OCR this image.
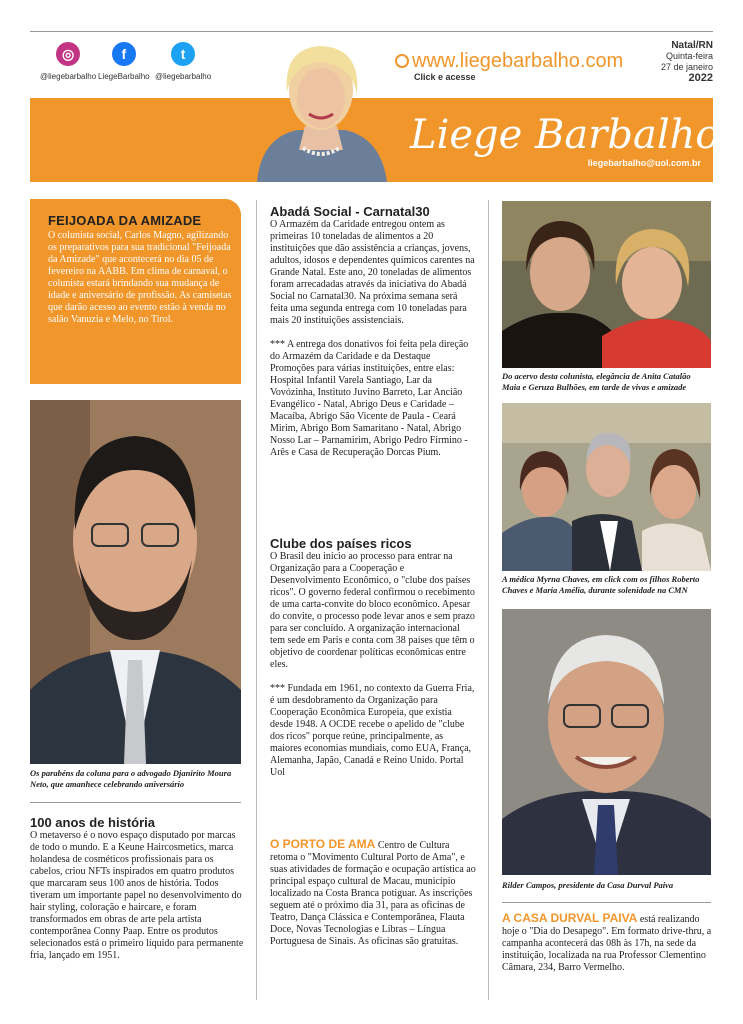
◎
@liegebarbalho
f
LiegeBarbalho
t
@liegebarbalho
www.liegebarbalho.com
Click e acesse
Natal/RN
Quinta-feira
27 de janeiro
2022
Liege Barbalho
liegebarbalho@uol.com.br
FEIJOADA DA AMIZADE
O colunista social, Carlos Magno, agilizando os preparativos para sua tradicional "Feijoada da Amizade" que acontecerá no dia 05 de fevereiro na AABB. Em clima de carnaval, o colunista estará brindando sua mudança de idade e aniversário de profissão. As camisetas que darão acesso ao evento estão à venda no salão Vanuzia e Melo, no Tirol.
Os parabéns da coluna para o advogado Djanirito Moura Neto, que amanhece celebrando aniversário
100 anos de história

O metaverso é o novo espaço disputado por marcas de todo o mundo. E a Keune Haircosmetics, marca holandesa de cosméticos profissionais para os cabelos, criou NFTs inspirados em quatro produtos que marcaram seus 100 anos de história. Todos tiveram um importante papel no desenvolvimento do hair styling, coloração e haircare, e foram transformados em obras de arte pela artista contemporânea Conny Paap. Entre os produtos selecionados está o primeiro líquido para permanente fria, lançado em 1951.

Abadá Social - Carnatal30

O Armazém da Caridade entregou ontem as primeiras 10 toneladas de alimentos a 20 instituições que dão assistência a crianças, jovens, adultos, idosos e dependentes químicos carentes na Grande Natal. Este ano, 20 toneladas de alimentos foram arrecadadas através da iniciativa do Abadá Social no Carnatal30. Na próxima semana será feita uma segunda entrega com 10 toneladas para mais 20 instituições assistenciais.

*** A entrega dos donativos foi feita pela direção do Armazém da Caridade e da Destaque Promoções para várias instituições, entre elas: Hospital Infantil Varela Santiago, Lar da Vovózinha, Instituto Juvino Barreto, Lar Ancião Evangélico - Natal, Abrigo Deus e Caridade – Macaíba, Abrigo São Vicente de Paula - Ceará Mirim, Abrigo Bom Samaritano - Natal, Abrigo Nosso Lar – Parnamirim, Abrigo Pedro Firmino - Arês e Casa de Recuperação Dorcas Pium.

Clube dos países ricos

O Brasil deu início ao processo para entrar na Organização para a Cooperação e Desenvolvimento Econômico, o "clube dos países ricos". O governo federal confirmou o recebimento de uma carta-convite do bloco econômico. Apesar do convite, o processo pode levar anos e sem prazo para ser concluído. A organização internacional tem sede em Paris e conta com 38 países que têm o objetivo de coordenar políticas econômicas entre eles.

*** Fundada em 1961, no contexto da Guerra Fria, é um desdobramento da Organização para Cooperação Econômica Europeia, que existia desde 1948. A OCDE recebe o apelido de "clube dos ricos" porque reúne, principalmente, as maiores economias mundiais, como EUA, França, Alemanha, Japão, Canadá e Reino Unido. Portal Uol

O PORTO DE AMA Centro de Cultura retoma o "Movimento Cultural Porto de Ama", e suas atividades de formação e ocupação artística ao principal espaço cultural de Macau, município localizado na Costa Branca potiguar. As inscrições seguem até o próximo dia 31, para as oficinas de Teatro, Dança Clássica e Contemporânea, Flauta Doce, Novas Tecnologias e Libras – Língua Portuguesa de Sinais. As oficinas são gratuitas.

Do acervo desta colunista, elegância de Anita Catalão Maia e Geruza Bulhões, em tarde de vivas e amizade
A médica Myrna Chaves, em click com os filhos Roberto Chaves e Maria Amélia, durante solenidade na CMN
Rilder Campos, presidente da Casa Durval Paiva

A CASA DURVAL PAIVA está realizando hoje o "Dia do Desapego". Em formato drive-thru, a campanha acontecerá das 08h às 17h, na sede da instituição, localizada na rua Professor Clementino Câmara, 234, Barro Vermelho.
